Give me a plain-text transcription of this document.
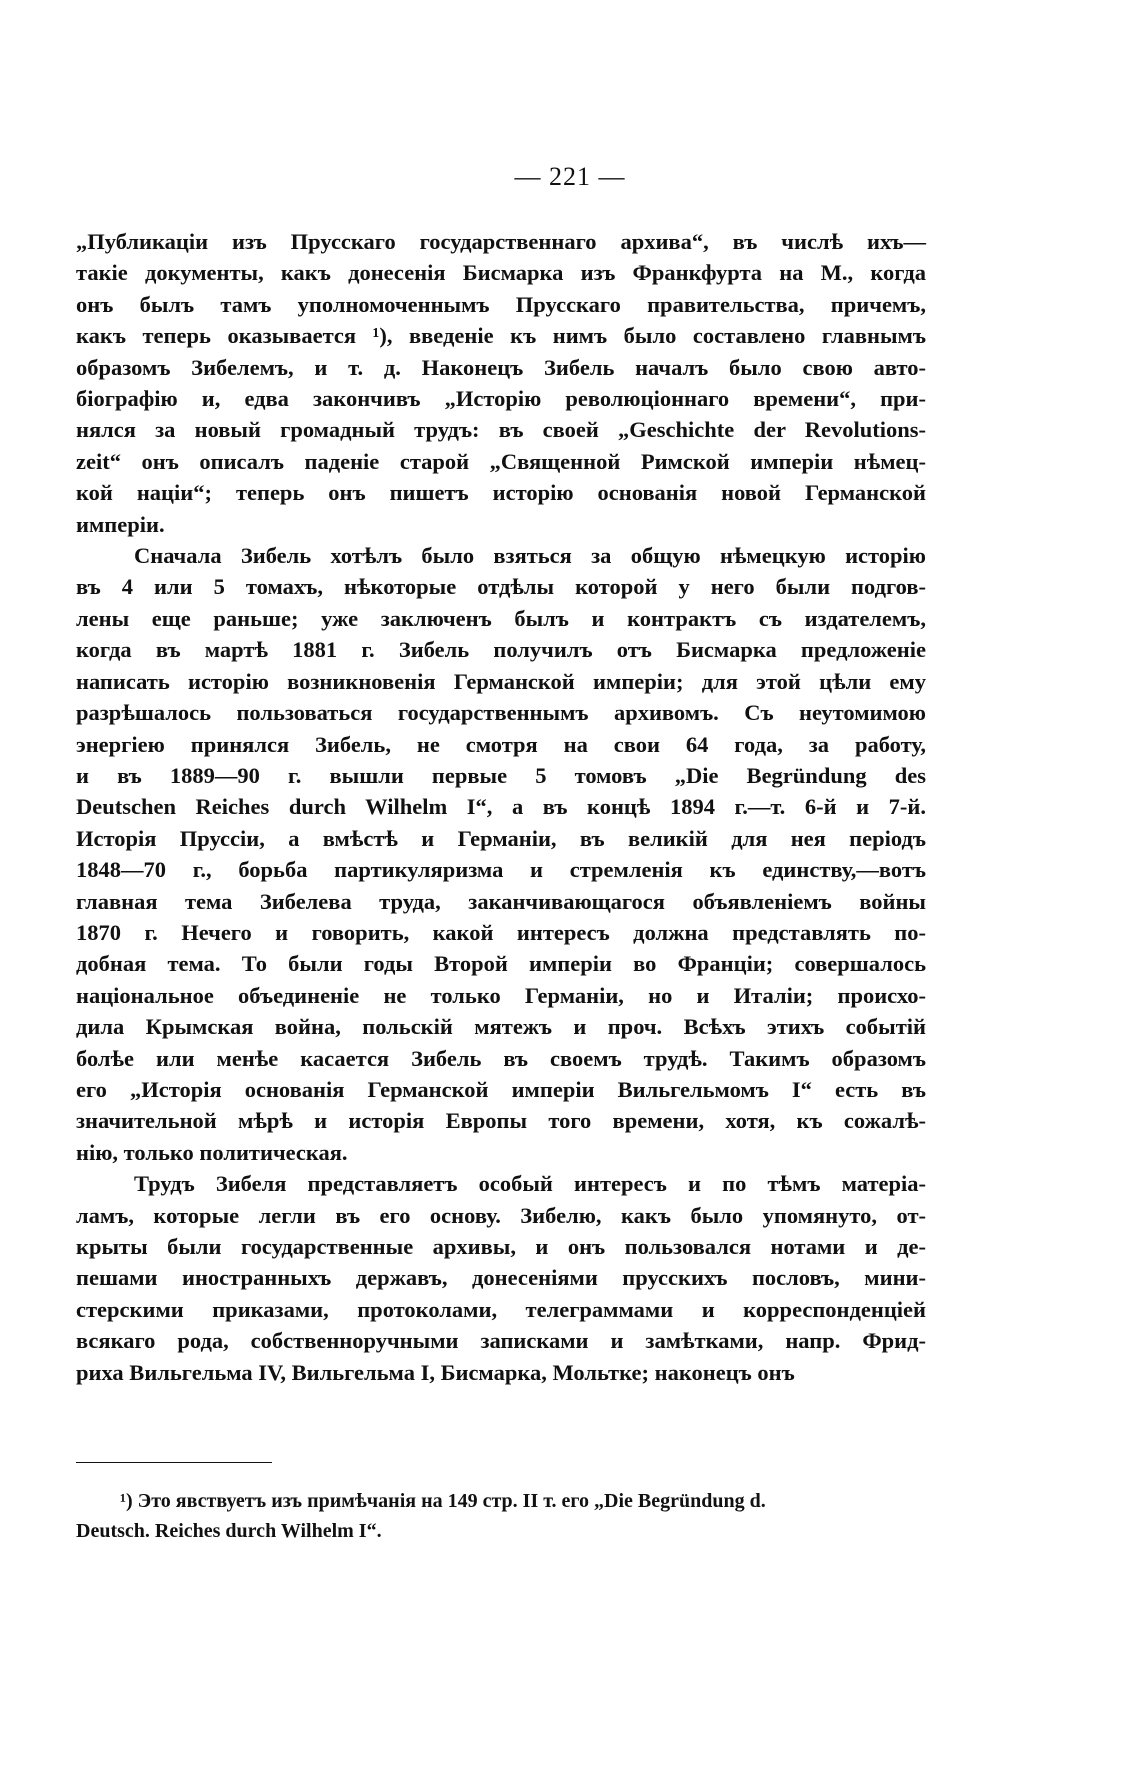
— 221 —

„Публикаціи изъ Прусскаго государственнаго архива“, въ числѣ ихъ—
такіе документы, какъ донесенія Бисмарка изъ Франкфурта на М., когда
онъ былъ тамъ уполномоченнымъ Прусскаго правительства, причемъ,
какъ теперь оказывается ¹), введеніе къ нимъ было составлено главнымъ
образомъ Зибелемъ, и т. д. Наконецъ Зибель началъ было свою авто-
біографію и, едва закончивъ „Исторію революціоннаго времени“, при-
нялся за новый громадный трудъ: въ своей „Geschichte der Revolutions-
zeit“ онъ описалъ паденіе старой „Священной Римской имперіи нѣмец-
кой націи“; теперь онъ пишетъ исторію основанія новой Германской
имперіи.

Сначала Зибель хотѣлъ было взяться за общую нѣмецкую исторію
въ 4 или 5 томахъ, нѣкоторые отдѣлы которой у него были подгов-
лены еще раньше; уже заключенъ былъ и контрактъ съ издателемъ,
когда въ мартѣ 1881 г. Зибель получилъ отъ Бисмарка предложеніе
написать исторію возникновенія Германской имперіи; для этой цѣли ему
разрѣшалось пользоваться государственнымъ архивомъ. Съ неутомимою
энергіею принялся Зибель, не смотря на свои 64 года, за работу,
и въ 1889—90 г. вышли первые 5 томовъ „Die Begründung des
Deutschen Reiches durch Wilhelm I“, а въ концѣ 1894 г.—т. 6-й и 7-й.
Исторія Пруссіи, а вмѣстѣ и Германіи, въ великій для нея періодъ
1848—70 г., борьба партикуляризма и стремленія къ единству,—вотъ
главная тема Зибелева труда, заканчивающагося объявленіемъ войны
1870 г. Нечего и говорить, какой интересъ должна представлять по-
добная тема. То были годы Второй имперіи во Франціи; совершалось
національное объединеніе не только Германіи, но и Италіи; происхо-
дила Крымская война, польскій мятежъ и проч. Всѣхъ этихъ событій
болѣе или менѣе касается Зибель въ своемъ трудѣ. Такимъ образомъ
его „Исторія основанія Германской имперіи Вильгельмомъ I“ есть въ
значительной мѣрѣ и исторія Европы того времени, хотя, къ сожалѣ-
нію, только политическая.

Трудъ Зибеля представляетъ особый интересъ и по тѣмъ матеріа-
ламъ, которые легли въ его основу. Зибелю, какъ было упомянуто, от-
крыты были государственные архивы, и онъ пользовался нотами и де-
пешами иностранныхъ державъ, донесеніями прусскихъ пословъ, мини-
стерскими приказами, протоколами, телеграммами и корреспонденціей
всякаго рода, собственноручными записками и замѣтками, напр. Фрид-
риха Вильгельма IV, Вильгельма I, Бисмарка, Мольтке; наконецъ онъ

¹) Это явствуетъ изъ примѣчанія на 149 стр. II т. его „Die Begründung d.
Deutsch. Reiches durch Wilhelm I“.
